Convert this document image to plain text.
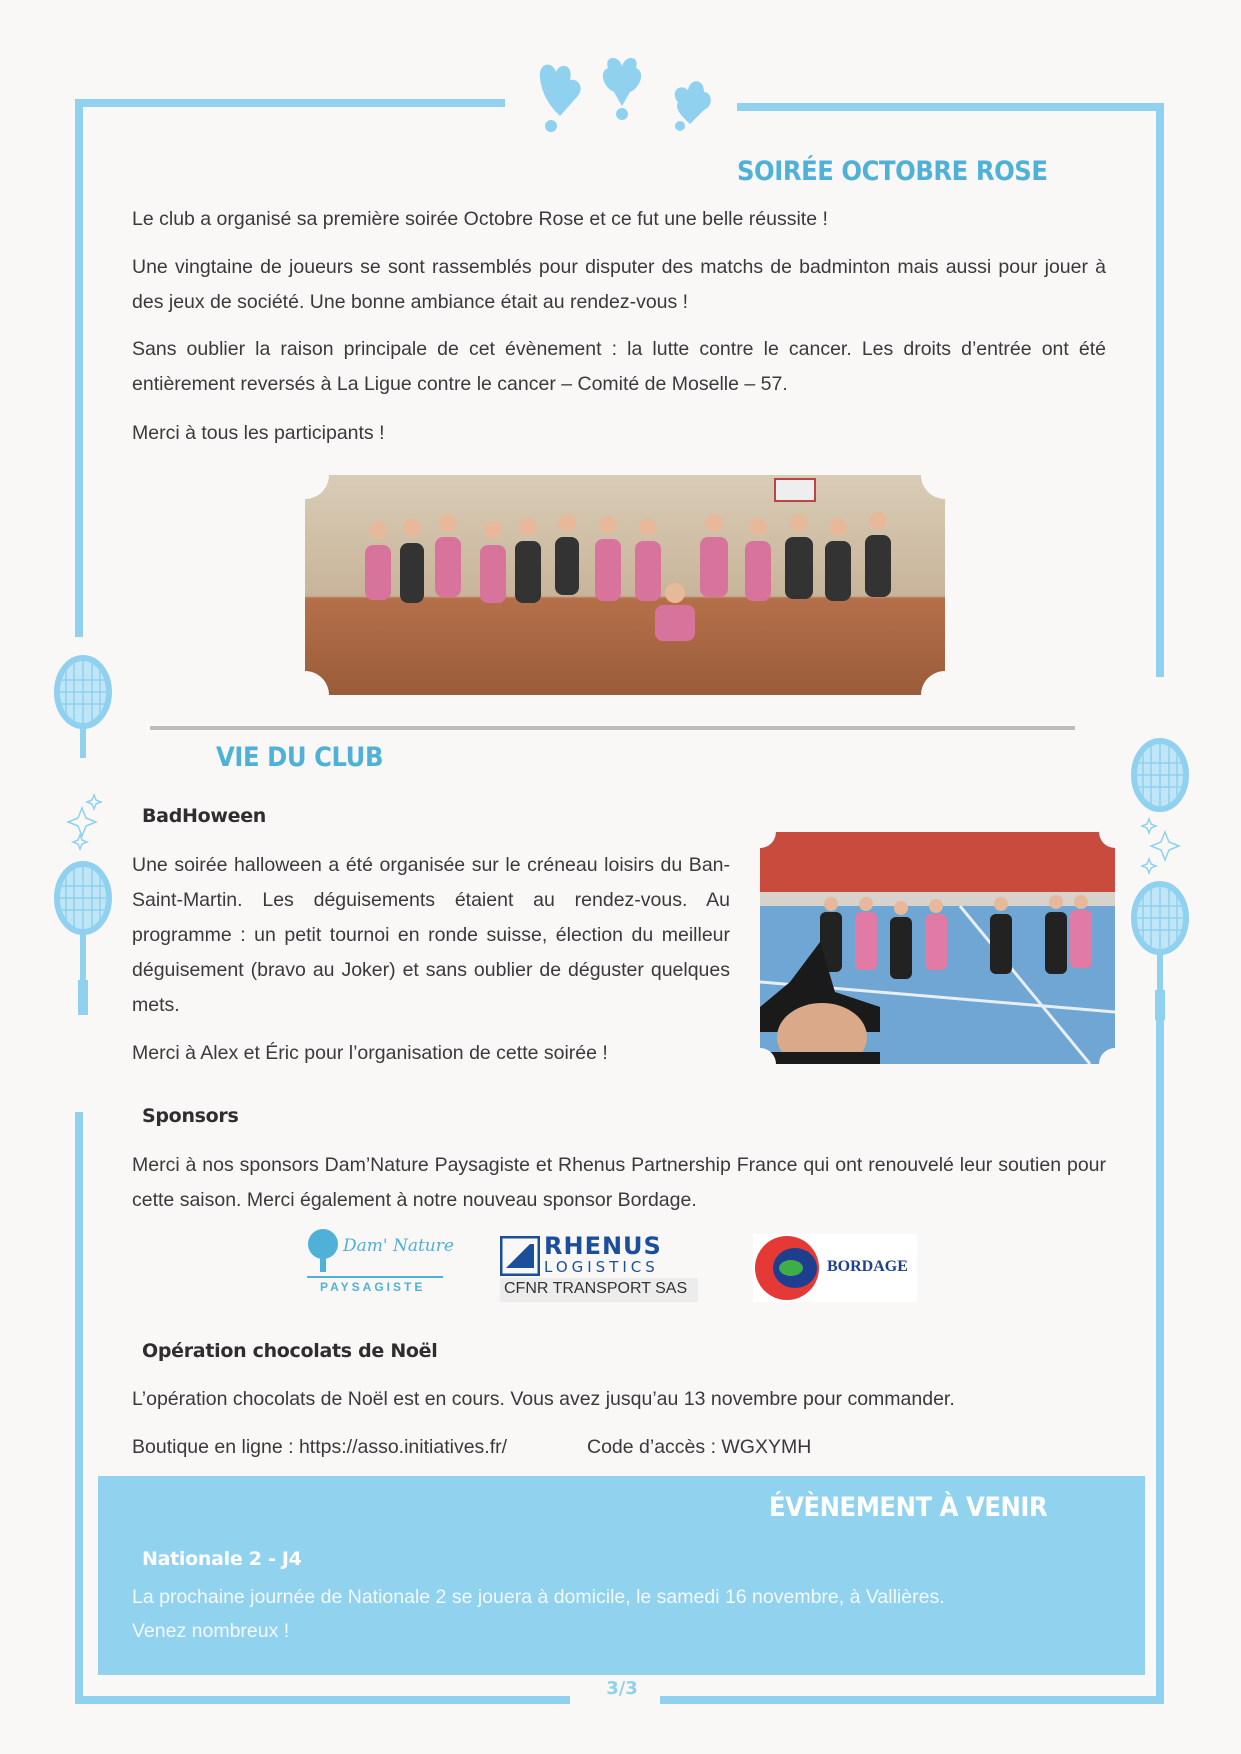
SOIRÉE OCTOBRE ROSE

Le club a organisé sa première soirée Octobre Rose et ce fut une belle réussite !

Une vingtaine de joueurs se sont rassemblés pour disputer des matchs de badminton mais aussi pour jouer à des jeux de société. Une bonne ambiance était au rendez-vous !

Sans oublier la raison principale de cet évènement : la lutte contre le cancer. Les droits d’entrée ont été entièrement reversés à La Ligue contre le cancer – Comité de Moselle – 57.

Merci à tous les participants !

VIE DU CLUB
BadHoween

Une soirée halloween a été organisée sur le créneau loisirs du Ban-Saint-Martin. Les déguisements étaient au rendez-vous. Au programme : un petit tournoi en ronde suisse, élection du meilleur déguisement (bravo au Joker) et sans oublier de déguster quelques mets.

Merci à Alex et Éric pour l’organisation de cette soirée !

Sponsors

Merci à nos sponsors Dam’Nature Paysagiste et Rhenus Partnership France qui ont renouvelé leur soutien pour cette saison. Merci également à notre nouveau sponsor Bordage.

Dam' Nature
PAYSAGISTE
RHENUS
LOGISTICS
CFNR TRANSPORT SAS
BORDAGE
Opération chocolats de Noël

L’opération chocolats de Noël est en cours. Vous avez jusqu’au 13 novembre pour commander.

Boutique en ligne : https://asso.initiatives.fr/	Code d’accès : WGXYMH

ÉVÈNEMENT À VENIR
Nationale 2 - J4

La prochaine journée de Nationale 2 se jouera à domicile, le samedi 16 novembre, à Vallières.

Venez nombreux !

3/3
